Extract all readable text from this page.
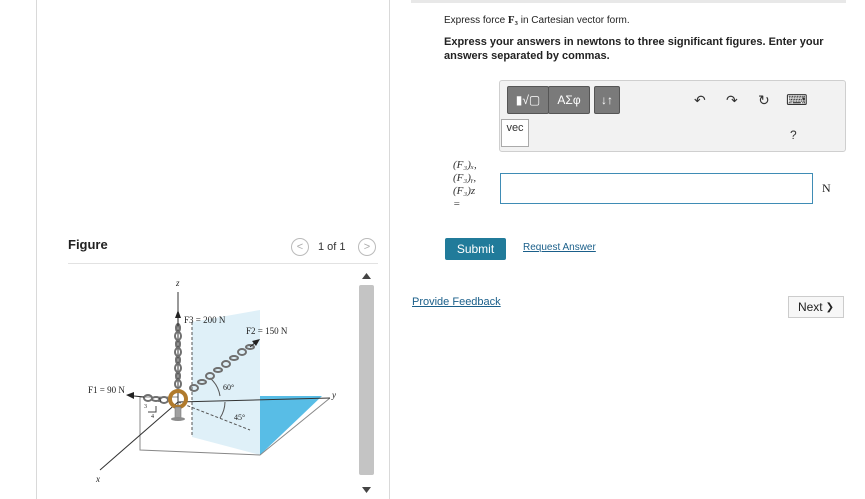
Figure	< 1 of 1 >
z
x
y
F3 = 200 N
F2 = 150 N
F1 = 90 N	60°
45°
5
4
3
Express force F₃ in Cartesian vector form.
Express your answers in newtons to three significant figures. Enter your answers separated by commas.
▮√▢ ΑΣφ ↓↑
vec
↶ ↷ ↻ ⌨
?
(F₃)ₓ,
(F₃)ᵧ,
(F₃)z
=
N
Submit	Request Answer
Provide Feedback	Next ❯
